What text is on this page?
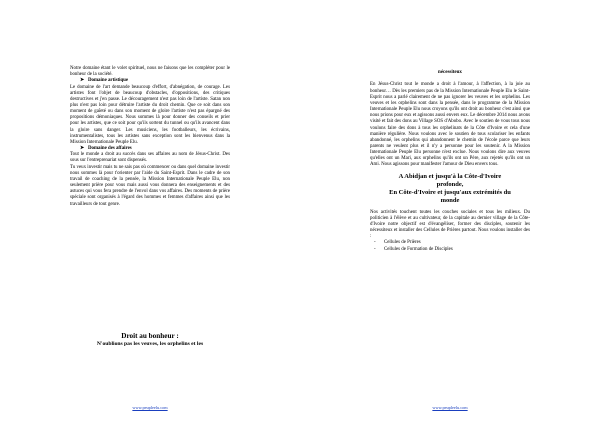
Notre domaine étant le volet spirituel, nous ne faisons que les compléter pour le bonheur de la société.

➤ Domaine artistique

Le domaine de l'art demande beaucoup d'effort, d'abnégation, de courage. Les artistes font l'objet de beaucoup d'obstacles, d'oppositions, des critiques destructives et j'en passe. Le découragement n'est pas loin de l'artiste. Satan non plus n'est pas loin pour détruire l'artiste du droit chemin. Que ce soit dans son moment de gaîeté ou dans son moment de gloire l'artiste n'est pas épargné des propositions démoniaques. Nous sommes là pour donner des conseils et prier pour les artistes, que ce soit pour qu'ils sortent du tunnel ou qu'ils avancent dans la gloire sans danger. Les musiciens, les footballeurs, les écrivains, instrumentalistes, tous les artistes sans exception sont les bienvenus dans la Mission Internationale Peuple Elu.

➤ Domaine des affaires

Tout le monde a droit au succès dans ses affaires au nom de Jésus-Christ. Des sous sur l'entreprenariat sont dispensés.

Tu veux investir mais tu ne sais pas où commencer ou dans quel domaine investir nous sommes là pour t'orienter par l'aide du Saint-Esprit. Dans le cadre de son travail de coaching de la pensée, la Mission Internationale Peuple Elu, non seulement prière pour vous mais aussi vous donnera des enseignements et des astuces qui vous fera prendre de l'envol dans vos affaires. Des moments de prière spéciale sont organisés à l'égard des hommes et femmes d'affaires ainsi que les travailleurs de tout genre.

Droit au bonheur :

N'oublions pas les veuves, les orphelins et les

www.peupleelu.com

nécessiteux

En Jésus-Christ tout le monde a droit à l'amour, à l'affection, à la joie au bonheur… Dès les premiers pas de la Mission Internationale Peuple Elu le Saint-Esprit nous a parlé clairement de ne pas ignorer les veuves et les orphelins. Les veuves et les orphelins sont dans la pensée, dans le programme de la Mission Internationale Peuple Elu nous croyons qu'ils ont droit au bonheur c'est ainsi que nous prions pour eux et agissons aussi envers eux. Le décembre 2014 nous avons visité et fait des dons au Village SOS d'Abobo. Avec le soutien de vous tous nous voulons faire des dons à tous les orphelinats de la Côte d'Ivoire et cela d'une manière régulière. Nous voulons avec le soutien de tous scolariser les enfants abandonné, les orphelins qui abandonnent le chemin de l'école parce que leurs parents ne veulent plus et il n'y a personne pour les soutenir. A la Mission Internationale Peuple Elu personne n'est exclue. Nous voulons dire aux veuves qu'elles ont un Mari, aux orphelins qu'ils ont un Père, aux rejetés qu'ils ont un Ami. Nous agissons pour manifester l'amour de Dieu envers tous.

A Abidjan et jusqu'à la Côte-d'Ivoire

profonde,

En Côte-d'Ivoire et jusqu'aux extrémités du

monde

Nos activités touchent toutes les couches sociales et tous les milieux. Du politicien à l'élève et au cultivateur, de la capitale au dernier village de la Côte-d'Ivoire notre objectif est d'évangéliser, former des disciples, soutenir les nécessiteux et installer des Cellules de Prières partout. Nous voulons installer des :

- Cellules de Prières
- Cellules de Formation de Disciples
www.peupleelu.com
